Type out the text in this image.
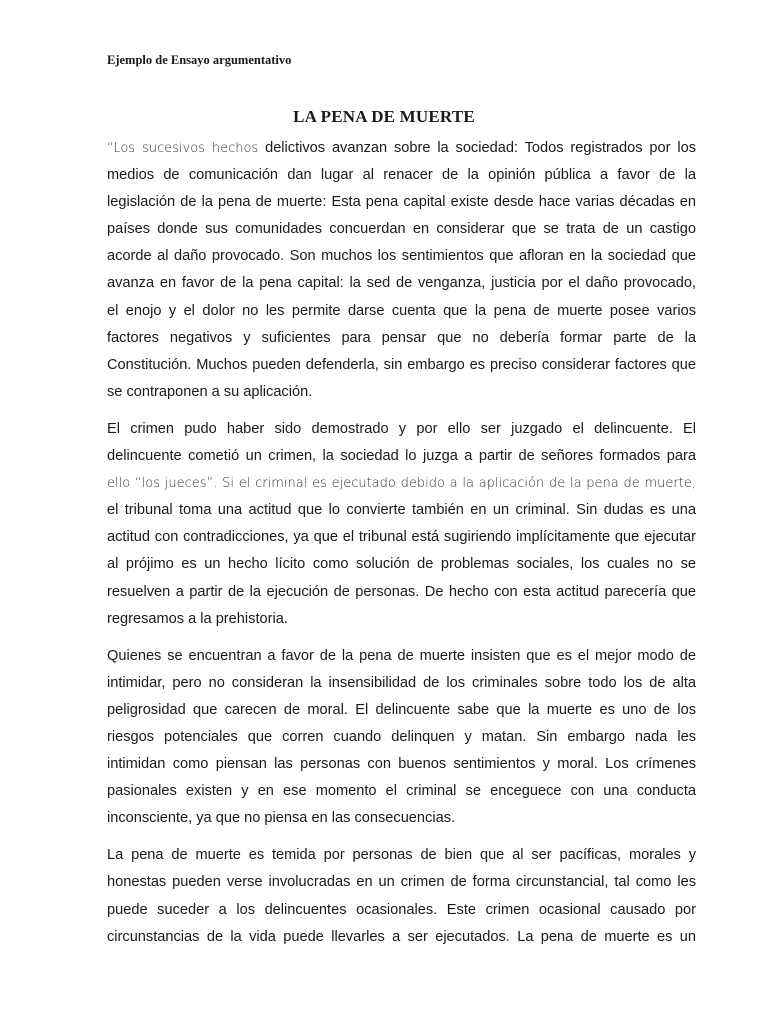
Ejemplo de Ensayo argumentativo
LA PENA DE MUERTE
“Los sucesivos hechos delictivos avanzan sobre la sociedad: Todos registrados por los
medios de comunicación dan lugar al renacer de la opinión pública a favor de la
legislación de la pena de muerte: Esta pena capital existe desde hace varias décadas en
países donde sus comunidades concuerdan en considerar que se trata de un castigo
acorde al daño provocado. Son muchos los sentimientos que afloran en la sociedad que
avanza en favor de la pena capital: la sed de venganza, justicia por el daño provocado,
el enojo y el dolor no les permite darse cuenta que la pena de muerte posee varios
factores negativos y suficientes para pensar que no debería formar parte de la
Constitución. Muchos pueden defenderla, sin embargo es preciso considerar factores que
se contraponen a su aplicación.
El crimen pudo haber sido demostrado y por ello ser juzgado el delincuente. El
delincuente cometió un crimen, la sociedad lo juzga a partir de señores formados para
ello “los jueces”. Si el criminal es ejecutado debido a la aplicación de la pena de muerte,
el tribunal toma una actitud que lo convierte también en un criminal. Sin dudas es una
actitud con contradicciones, ya que el tribunal está sugiriendo implícitamente que ejecutar
al prójimo es un hecho lícito como solución de problemas sociales, los cuales no se
resuelven a partir de la ejecución de personas. De hecho con esta actitud parecería que
regresamos a la prehistoria.
Quienes se encuentran a favor de la pena de muerte insisten que es el mejor modo de
intimidar, pero no consideran la insensibilidad de los criminales sobre todo los de alta
peligrosidad que carecen de moral. El delincuente sabe que la muerte es uno de los
riesgos potenciales que corren cuando delinquen y matan. Sin embargo nada les
intimidan como piensan las personas con buenos sentimientos y moral. Los crímenes
pasionales existen y en ese momento el criminal se enceguece con una conducta
inconsciente, ya que no piensa en las consecuencias.
La pena de muerte es temida por personas de bien que al ser pacíficas, morales y
honestas pueden verse involucradas en un crimen de forma circunstancial, tal como les
puede suceder a los delincuentes ocasionales. Este crimen ocasional causado por
circunstancias de la vida puede llevarles a ser ejecutados. La pena de muerte es un
